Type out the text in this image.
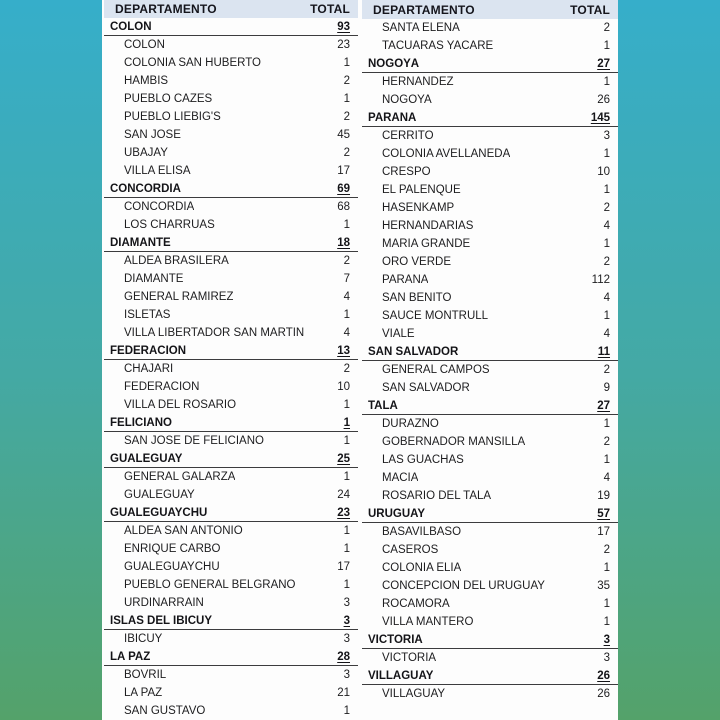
DEPARTAMENTO	TOTAL
COLÓN	93
COLON	23
COLONIA SAN HUBERTO	1
HAMBIS	2
PUEBLO CAZES	1
PUEBLO LIEBIG'S	2
SAN JOSE	45
UBAJAY	2
VILLA ELISA	17
CONCORDIA	69
CONCORDIA	68
LOS CHARRUAS	1
DIAMANTE	18
ALDEA BRASILERA	2
DIAMANTE	7
GENERAL RAMIREZ	4
ISLETAS	1
VILLA LIBERTADOR SAN MARTIN	4
FEDERACIÓN	13
CHAJARI	2
FEDERACION	10
VILLA DEL ROSARIO	1
FELICIANO	1
SAN JOSE DE FELICIANO	1
GUALEGUAY	25
GENERAL GALARZA	1
GUALEGUAY	24
GUALEGUAYCHÚ	23
ALDEA SAN ANTONIO	1
ENRIQUE CARBO	1
GUALEGUAYCHU	17
PUEBLO GENERAL BELGRANO	1
URDINARRAIN	3
ISLAS DEL IBICUY	3
IBICUY	3
LA PAZ	28
BOVRIL	3
LA PAZ	21
SAN GUSTAVO	1
DEPARTAMENTO	TOTAL
SANTA ELENA	2
TACUARAS YACARE	1
NOGOYÁ	27
HERNANDEZ	1
NOGOYA	26
PARANÁ	145
CERRITO	3
COLONIA AVELLANEDA	1
CRESPO	10
EL PALENQUE	1
HASENKAMP	2
HERNANDARIAS	4
MARIA GRANDE	1
ORO VERDE	2
PARANA	112
SAN BENITO	4
SAUCE MONTRULL	1
VIALE	4
SAN SALVADOR	11
GENERAL CAMPOS	2
SAN SALVADOR	9
TALA	27
DURAZNO	1
GOBERNADOR MANSILLA	2
LAS GUACHAS	1
MACIA	4
ROSARIO DEL TALA	19
URUGUAY	57
BASAVILBASO	17
CASEROS	2
COLONIA ELIA	1
CONCEPCION DEL URUGUAY	35
ROCAMORA	1
VILLA MANTERO	1
VICTORIA	3
VICTORIA	3
VILLAGUAY	26
VILLAGUAY	26
